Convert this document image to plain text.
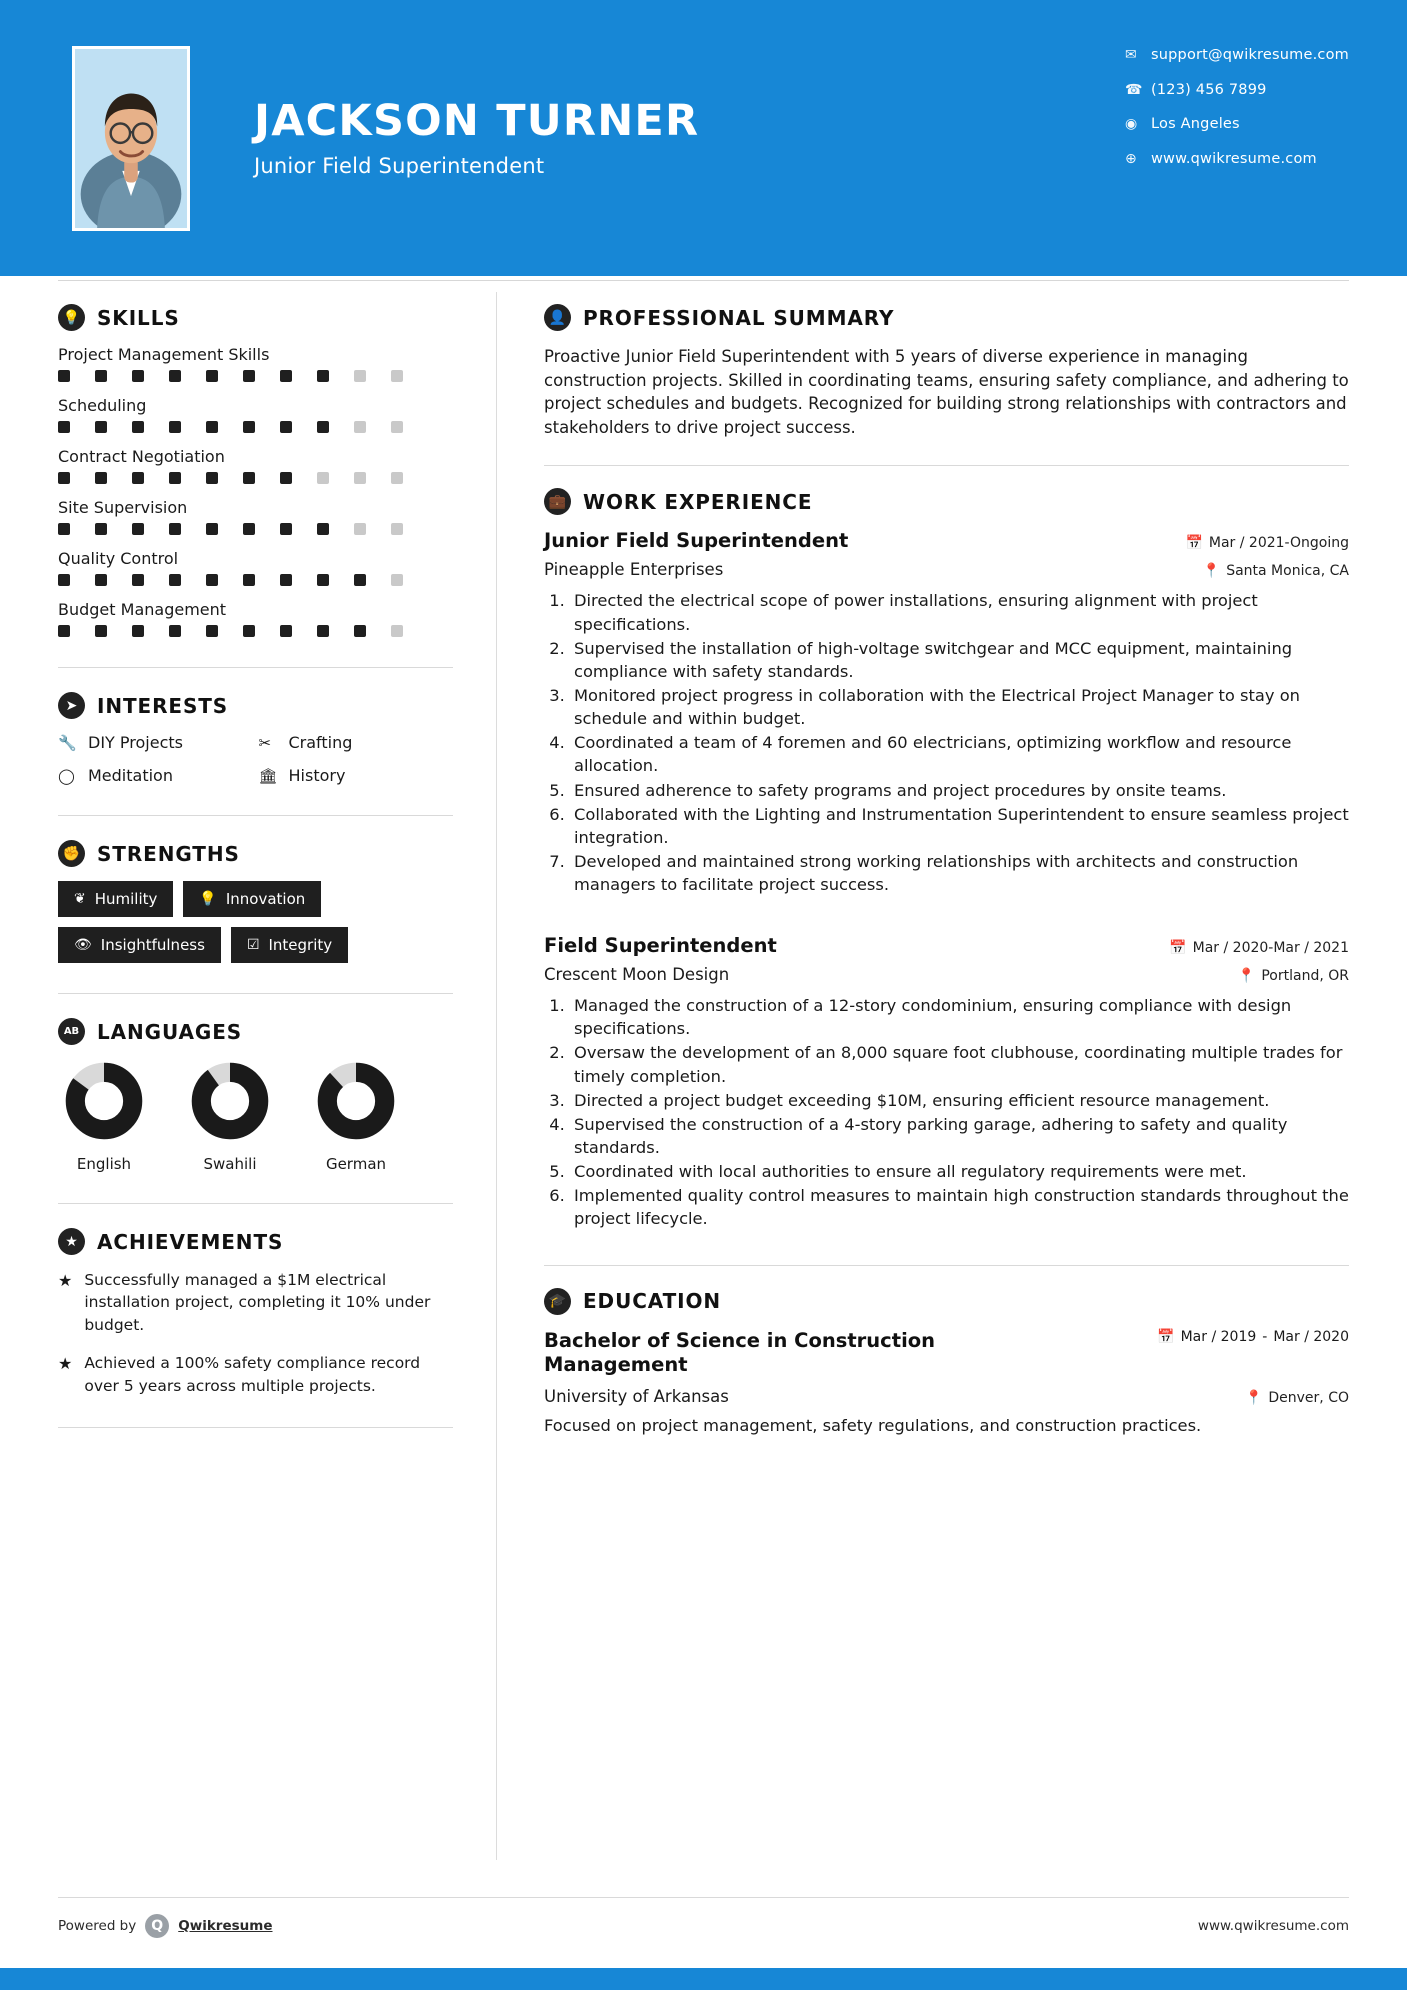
JACKSON TURNER
Junior Field Superintendent
✉ support@qwikresume.com
☎ (123) 456 7899
◉ Los Angeles
⊕ www.qwikresume.com
💡 SKILLS
Project Management Skills
Scheduling
Contract Negotiation
Site Supervision
Quality Control
Budget Management
➤ INTERESTS
🔧 DIY Projects	✂	Crafting
◯ Meditation	🏛 History
✊ STRENGTHS
❦ Humility	💡 Innovation
👁 Insightfulness	☑ Integrity
AB LANGUAGES
English	Swahili	German
★ ACHIEVEMENTS
★ Successfully managed a $1M electrical installation project, completing it 10% under budget.
★ Achieved a 100% safety compliance record over 5 years across multiple projects.
👤 PROFESSIONAL SUMMARY
Proactive Junior Field Superintendent with 5 years of diverse experience in managing construction projects. Skilled in coordinating teams, ensuring safety compliance, and adhering to project schedules and budgets. Recognized for building strong relationships with contractors and stakeholders to drive project success.
💼 WORK EXPERIENCE
Junior Field Superintendent	📅 Mar / 2021-Ongoing
Pineapple Enterprises	📍 Santa Monica, CA
1. Directed the electrical scope of power installations, ensuring alignment with project specifications.
2. Supervised the installation of high-voltage switchgear and MCC equipment, maintaining compliance with safety standards.
3. Monitored project progress in collaboration with the Electrical Project Manager to stay on schedule and within budget.
4. Coordinated a team of 4 foremen and 60 electricians, optimizing workflow and resource allocation.
5. Ensured adherence to safety programs and project procedures by onsite teams.
6. Collaborated with the Lighting and Instrumentation Superintendent to ensure seamless project integration.
7. Developed and maintained strong working relationships with architects and construction managers to facilitate project success.
Field Superintendent	📅 Mar / 2020-Mar / 2021
Crescent Moon Design	📍 Portland, OR
1. Managed the construction of a 12-story condominium, ensuring compliance with design specifications.
2. Oversaw the development of an 8,000 square foot clubhouse, coordinating multiple trades for timely completion.
3. Directed a project budget exceeding $10M, ensuring efficient resource management.
4. Supervised the construction of a 4-story parking garage, adhering to safety and quality standards.
5. Coordinated with local authorities to ensure all regulatory requirements were met.
6. Implemented quality control measures to maintain high construction standards throughout the project lifecycle.
🎓 EDUCATION
Bachelor of Science in Construction Management
📅 Mar / 2019 - Mar / 2020
University of Arkansas	📍 Denver, CO
Focused on project management, safety regulations, and construction practices.
Powered by	Q	Qwikresume	www.qwikresume.com
